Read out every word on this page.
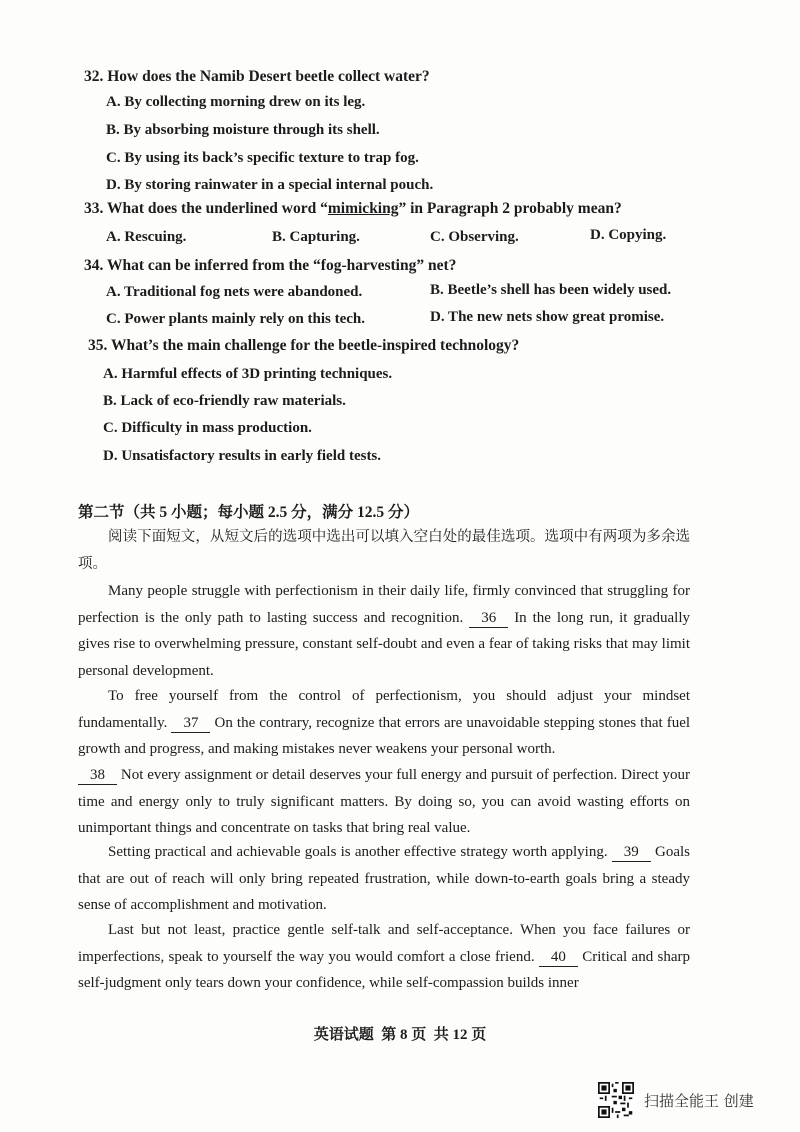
32. How does the Namib Desert beetle collect water?
A. By collecting morning drew on its leg.
B. By absorbing moisture through its shell.
C. By using its back’s specific texture to trap fog.
D. By storing rainwater in a special internal pouch.
33. What does the underlined word “mimicking” in Paragraph 2 probably mean?
A. Rescuing.	B. Capturing.	C. Observing.	D. Copying.
34. What can be inferred from the “fog-harvesting” net?
A. Traditional fog nets were abandoned.	B. Beetle’s shell has been widely used.
C. Power plants mainly rely on this tech.	D. The new nets show great promise.
35. What’s the main challenge for the beetle-inspired technology?
A. Harmful effects of 3D printing techniques.
B. Lack of eco-friendly raw materials.
C. Difficulty in mass production.
D. Unsatisfactory results in early field tests.
第二节（共 5 小题；每小题 2.5 分，满分 12.5 分）
阅读下面短文，从短文后的选项中选出可以填入空白处的最佳选项。选项中有两项为多余选项。
Many people struggle with perfectionism in their daily life, firmly convinced that struggling for perfection is the only path to lasting success and recognition. 36 In the long run, it gradually gives rise to overwhelming pressure, constant self-doubt and even a fear of taking risks that may limit personal development.
To free yourself from the control of perfectionism, you should adjust your mindset fundamentally. 37 On the contrary, recognize that errors are unavoidable stepping stones that fuel growth and progress, and making mistakes never weakens your personal worth.
38 Not every assignment or detail deserves your full energy and pursuit of perfection. Direct your time and energy only to truly significant matters. By doing so, you can avoid wasting efforts on unimportant things and concentrate on tasks that bring real value.
Setting practical and achievable goals is another effective strategy worth applying. 39 Goals that are out of reach will only bring repeated frustration, while down-to-earth goals bring a steady sense of accomplishment and motivation.
Last but not least, practice gentle self-talk and self-acceptance. When you face failures or imperfections, speak to yourself the way you would comfort a close friend. 40 Critical and sharp self-judgment only tears down your confidence, while self-compassion builds inner
英语试题  第 8 页  共 12 页
扫描全能王 创建
